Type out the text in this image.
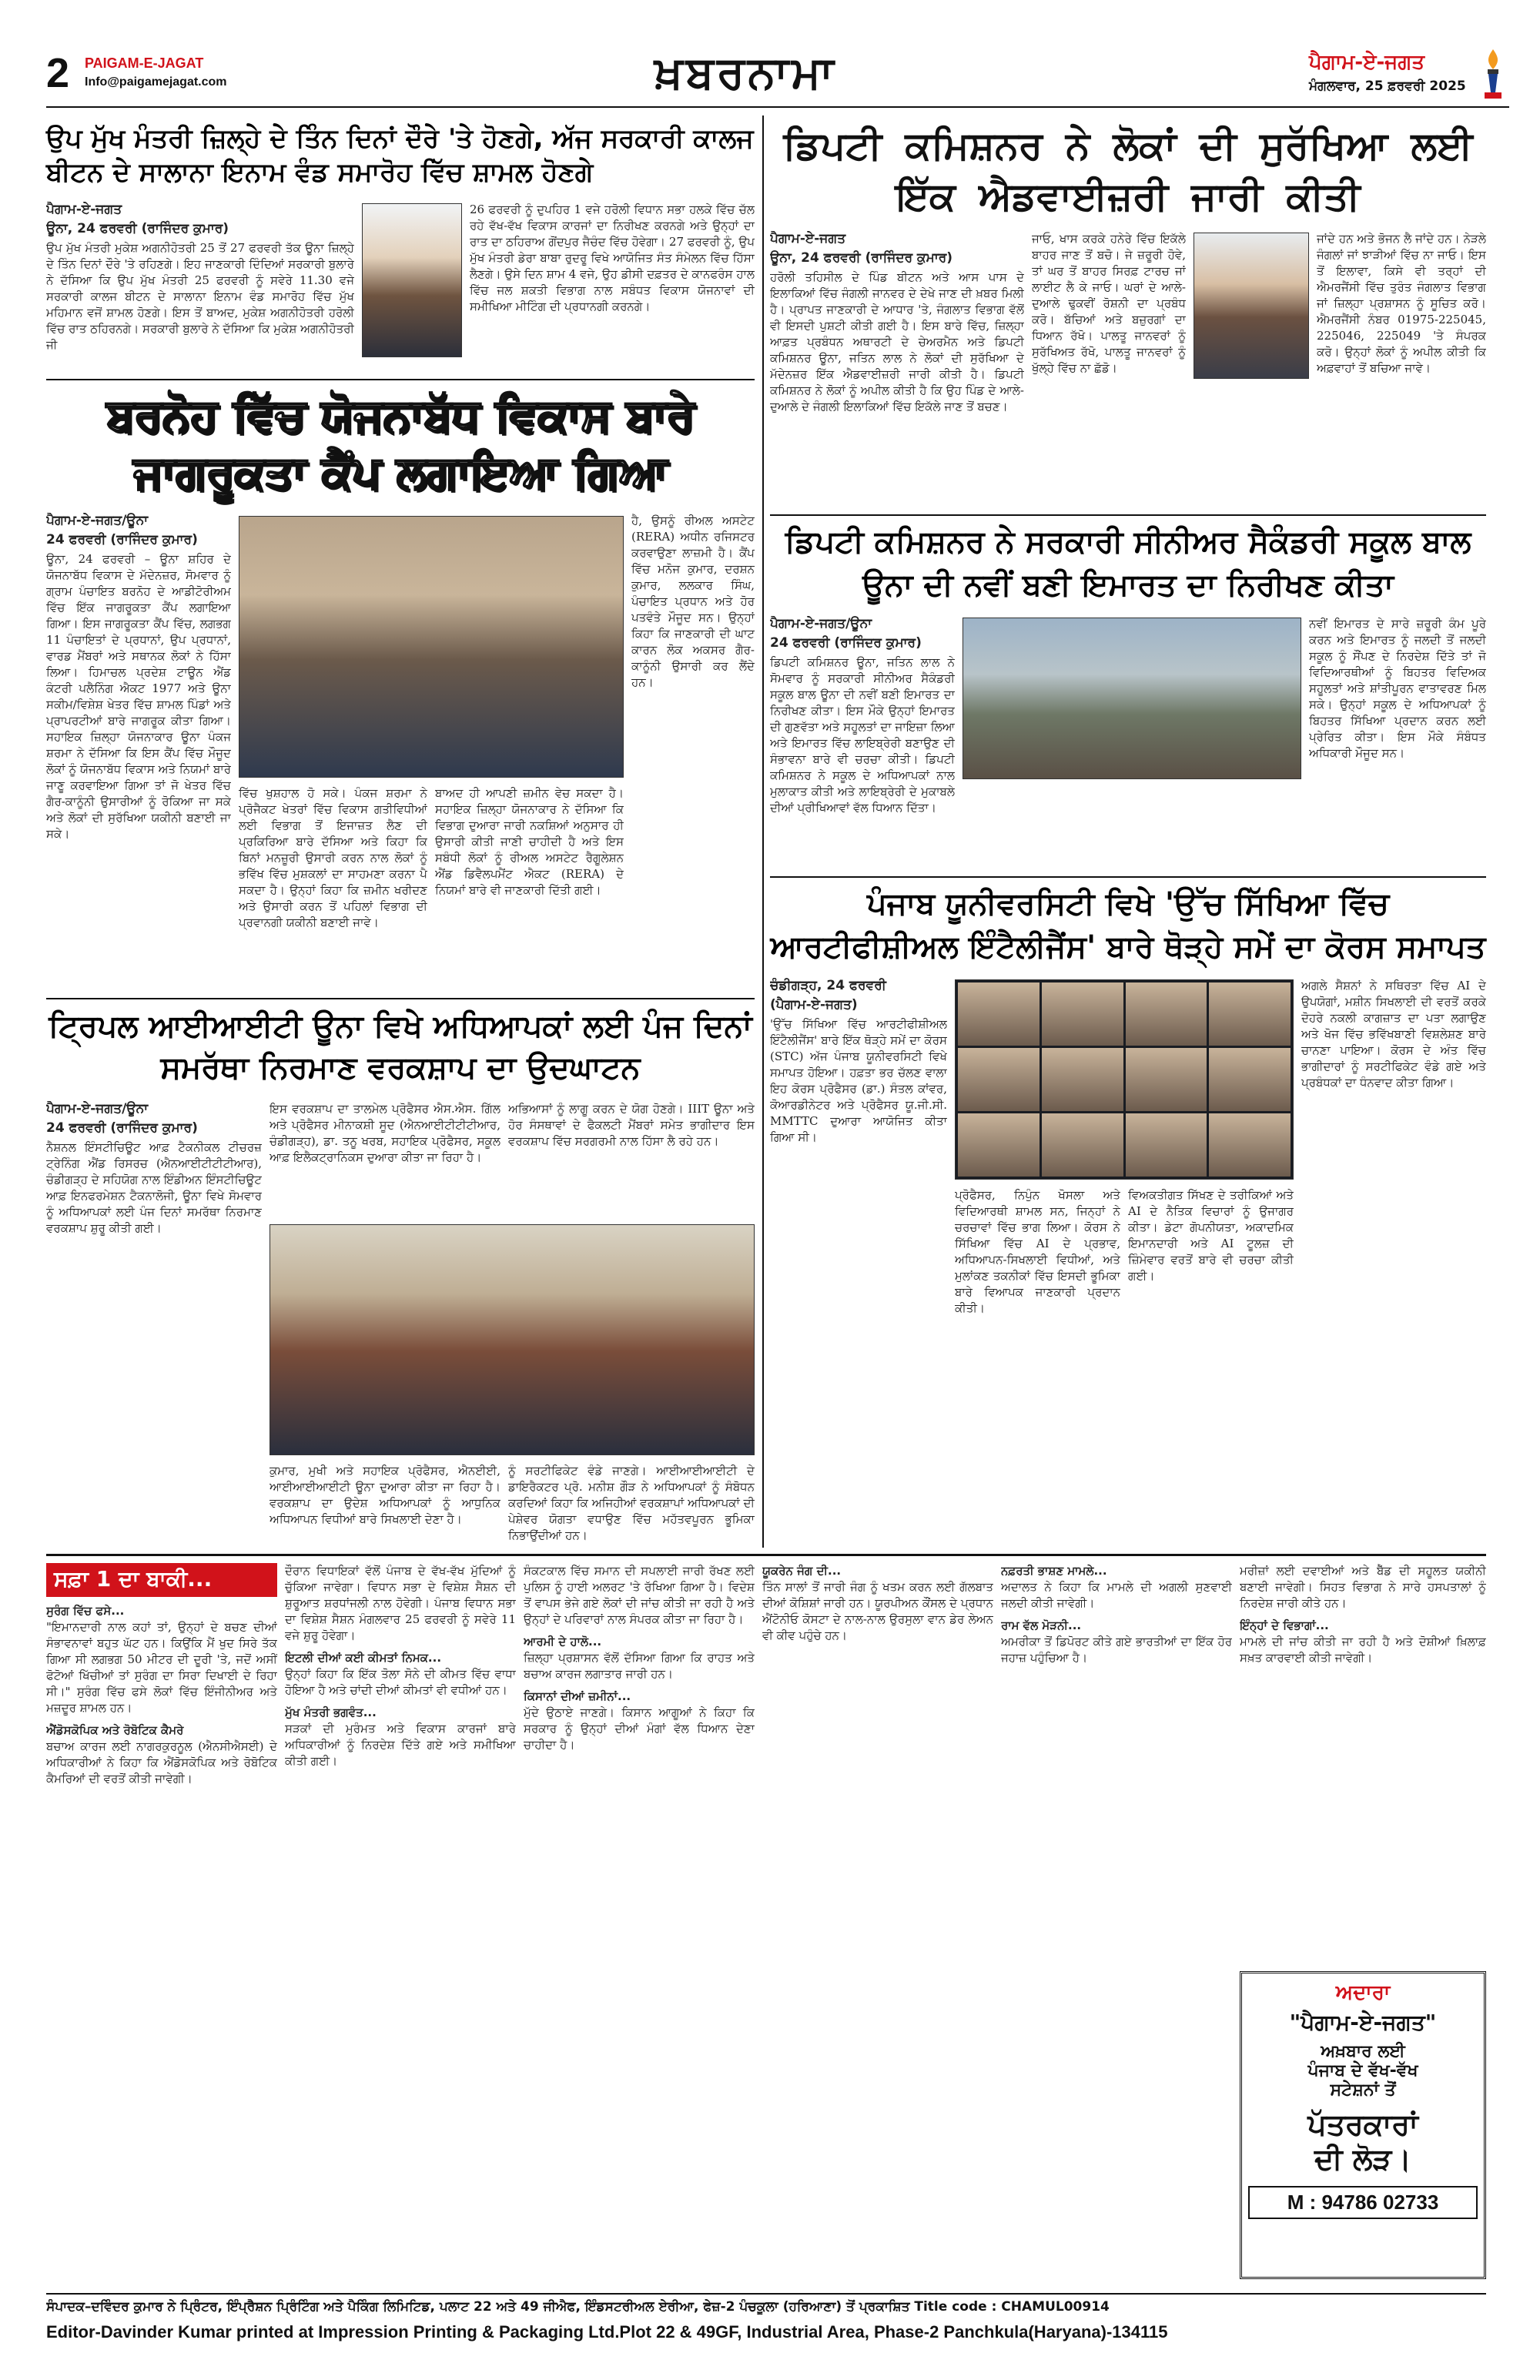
2 PAIGAM-E-JAGAT
Info@paigamejagat.com	ਖ਼ਬਰਨਾਮਾ	ਪੈਗਾਮ-ਏ-ਜਗਤ
ਮੰਗਲਵਾਰ, 25 ਫ਼ਰਵਰੀ 2025
ਉਪ ਮੁੱਖ ਮੰਤਰੀ ਜ਼ਿਲ੍ਹੇ ਦੇ ਤਿੰਨ ਦਿਨਾਂ ਦੌਰੇ 'ਤੇ ਹੋਣਗੇ, ਅੱਜ ਸਰਕਾਰੀ ਕਾਲਜ ਬੀਟਨ ਦੇ ਸਾਲਾਨਾ ਇਨਾਮ ਵੰਡ ਸਮਾਰੋਹ ਵਿੱਚ ਸ਼ਾਮਲ ਹੋਣਗੇ
ਪੈਗਾਮ-ਏ-ਜਗਤ
ਊਨਾ, 24 ਫਰਵਰੀ (ਰਾਜਿੰਦਰ ਕੁਮਾਰ)
ਉਪ ਮੁੱਖ ਮੰਤਰੀ ਮੁਕੇਸ਼ ਅਗਨੀਹੋਤਰੀ 25 ਤੋਂ 27 ਫਰਵਰੀ ਤੱਕ ਊਨਾ ਜ਼ਿਲ੍ਹੇ ਦੇ ਤਿੰਨ ਦਿਨਾਂ ਦੌਰੇ 'ਤੇ ਰਹਿਣਗੇ। ਇਹ ਜਾਣਕਾਰੀ ਦਿੰਦਿਆਂ ਸਰਕਾਰੀ ਬੁਲਾਰੇ ਨੇ ਦੱਸਿਆ ਕਿ ਉਪ ਮੁੱਖ ਮੰਤਰੀ 25 ਫਰਵਰੀ ਨੂੰ ਸਵੇਰੇ 11.30 ਵਜੇ ਸਰਕਾਰੀ ਕਾਲਜ ਬੀਟਨ ਦੇ ਸਾਲਾਨਾ ਇਨਾਮ ਵੰਡ ਸਮਾਰੋਹ ਵਿੱਚ ਮੁੱਖ ਮਹਿਮਾਨ ਵਜੋਂ ਸ਼ਾਮਲ ਹੋਣਗੇ। ਇਸ ਤੋਂ ਬਾਅਦ, ਮੁਕੇਸ਼ ਅਗਨੀਹੋਤਰੀ ਹਰੋਲੀ ਵਿੱਚ ਰਾਤ ਠਹਿਰਨਗੇ। ਸਰਕਾਰੀ ਬੁਲਾਰੇ ਨੇ ਦੱਸਿਆ ਕਿ ਮੁਕੇਸ਼ ਅਗਨੀਹੋਤਰੀ ਜੀ
26 ਫਰਵਰੀ ਨੂੰ ਦੁਪਹਿਰ 1 ਵਜੇ ਹਰੋਲੀ ਵਿਧਾਨ ਸਭਾ ਹਲਕੇ ਵਿੱਚ ਚੱਲ ਰਹੇ ਵੱਖ-ਵੱਖ ਵਿਕਾਸ ਕਾਰਜਾਂ ਦਾ ਨਿਰੀਖਣ ਕਰਨਗੇ ਅਤੇ ਉਨ੍ਹਾਂ ਦਾ ਰਾਤ ਦਾ ਠਹਿਰਾਅ ਗੋਂਦਪੁਰ ਜੈਚੰਦ ਵਿੱਚ ਹੋਵੇਗਾ। 27 ਫਰਵਰੀ ਨੂੰ, ਉਪ ਮੁੱਖ ਮੰਤਰੀ ਡੇਰਾ ਬਾਬਾ ਰੁਦਰੂ ਵਿਖੇ ਆਯੋਜਿਤ ਸੰਤ ਸੰਮੇਲਨ ਵਿੱਚ ਹਿੱਸਾ ਲੈਣਗੇ। ਉਸੇ ਦਿਨ ਸ਼ਾਮ 4 ਵਜੇ, ਉਹ ਡੀਸੀ ਦਫ਼ਤਰ ਦੇ ਕਾਨਫਰੰਸ ਹਾਲ ਵਿੱਚ ਜਲ ਸ਼ਕਤੀ ਵਿਭਾਗ ਨਾਲ ਸਬੰਧਤ ਵਿਕਾਸ ਯੋਜਨਾਵਾਂ ਦੀ ਸਮੀਖਿਆ ਮੀਟਿੰਗ ਦੀ ਪ੍ਰਧਾਨਗੀ ਕਰਨਗੇ।
ਬਰਨੋਹ ਵਿੱਚ ਯੋਜਨਾਬੱਧ ਵਿਕਾਸ ਬਾਰੇ ਜਾਗਰੂਕਤਾ ਕੈਂਪ ਲਗਾਇਆ ਗਿਆ
ਪੈਗਾਮ-ਏ-ਜਗਤ/ਊਨਾ
24 ਫਰਵਰੀ (ਰਾਜਿੰਦਰ ਕੁਮਾਰ)
ਊਨਾ, 24 ਫਰਵਰੀ – ਊਨਾ ਸ਼ਹਿਰ ਦੇ ਯੋਜਨਾਬੱਧ ਵਿਕਾਸ ਦੇ ਮੱਦੇਨਜ਼ਰ, ਸੋਮਵਾਰ ਨੂੰ ਗ੍ਰਾਮ ਪੰਚਾਇਤ ਬਰਨੋਹ ਦੇ ਆਡੀਟੋਰੀਅਮ ਵਿੱਚ ਇੱਕ ਜਾਗਰੂਕਤਾ ਕੈਂਪ ਲਗਾਇਆ ਗਿਆ। ਇਸ ਜਾਗਰੂਕਤਾ ਕੈਂਪ ਵਿੱਚ, ਲਗਭਗ 11 ਪੰਚਾਇਤਾਂ ਦੇ ਪ੍ਰਧਾਨਾਂ, ਉਪ ਪ੍ਰਧਾਨਾਂ, ਵਾਰਡ ਮੈਂਬਰਾਂ ਅਤੇ ਸਥਾਨਕ ਲੋਕਾਂ ਨੇ ਹਿੱਸਾ ਲਿਆ। ਹਿਮਾਚਲ ਪ੍ਰਦੇਸ਼ ਟਾਊਨ ਐਂਡ ਕੰਟਰੀ ਪਲੈਨਿੰਗ ਐਕਟ 1977 ਅਤੇ ਊਨਾ ਸਕੀਮ/ਵਿਸ਼ੇਸ਼ ਖੇਤਰ ਵਿੱਚ ਸ਼ਾਮਲ ਪਿੰਡਾਂ ਅਤੇ ਪ੍ਰਾਪਰਟੀਆਂ ਬਾਰੇ ਜਾਗਰੂਕ ਕੀਤਾ ਗਿਆ। ਸਹਾਇਕ ਜ਼ਿਲ੍ਹਾ ਯੋਜਨਾਕਾਰ ਊਨਾ ਪੰਕਜ ਸ਼ਰਮਾ ਨੇ ਦੱਸਿਆ ਕਿ ਇਸ ਕੈਂਪ ਵਿੱਚ ਮੌਜੂਦ ਲੋਕਾਂ ਨੂੰ ਯੋਜਨਾਬੱਧ ਵਿਕਾਸ ਅਤੇ ਨਿਯਮਾਂ ਬਾਰੇ ਜਾਣੂ ਕਰਵਾਇਆ ਗਿਆ ਤਾਂ ਜੋ ਖੇਤਰ ਵਿੱਚ ਗੈਰ-ਕਾਨੂੰਨੀ ਉਸਾਰੀਆਂ ਨੂੰ ਰੋਕਿਆ ਜਾ ਸਕੇ ਅਤੇ ਲੋਕਾਂ ਦੀ ਸੁਰੱਖਿਆ ਯਕੀਨੀ ਬਣਾਈ ਜਾ ਸਕੇ।
ਵਿੱਚ ਖੁਸ਼ਹਾਲ ਹੋ ਸਕੇ। ਪੰਕਜ ਸ਼ਰਮਾ ਨੇ ਪ੍ਰੋਜੈਕਟ ਖੇਤਰਾਂ ਵਿੱਚ ਵਿਕਾਸ ਗਤੀਵਿਧੀਆਂ ਲਈ ਵਿਭਾਗ ਤੋਂ ਇਜਾਜ਼ਤ ਲੈਣ ਦੀ ਪ੍ਰਕਿਰਿਆ ਬਾਰੇ ਦੱਸਿਆ ਅਤੇ ਕਿਹਾ ਕਿ ਬਿਨਾਂ ਮਨਜ਼ੂਰੀ ਉਸਾਰੀ ਕਰਨ ਨਾਲ ਲੋਕਾਂ ਨੂੰ ਭਵਿੱਖ ਵਿੱਚ ਮੁਸ਼ਕਲਾਂ ਦਾ ਸਾਹਮਣਾ ਕਰਨਾ ਪੈ ਸਕਦਾ ਹੈ। ਉਨ੍ਹਾਂ ਕਿਹਾ ਕਿ ਜ਼ਮੀਨ ਖਰੀਦਣ ਅਤੇ ਉਸਾਰੀ ਕਰਨ ਤੋਂ ਪਹਿਲਾਂ ਵਿਭਾਗ ਦੀ ਪ੍ਰਵਾਨਗੀ ਯਕੀਨੀ ਬਣਾਈ ਜਾਵੇ।
ਬਾਅਦ ਹੀ ਆਪਣੀ ਜ਼ਮੀਨ ਵੇਚ ਸਕਦਾ ਹੈ। ਸਹਾਇਕ ਜ਼ਿਲ੍ਹਾ ਯੋਜਨਾਕਾਰ ਨੇ ਦੱਸਿਆ ਕਿ ਵਿਭਾਗ ਦੁਆਰਾ ਜਾਰੀ ਨਕਸ਼ਿਆਂ ਅਨੁਸਾਰ ਹੀ ਉਸਾਰੀ ਕੀਤੀ ਜਾਣੀ ਚਾਹੀਦੀ ਹੈ ਅਤੇ ਇਸ ਸਬੰਧੀ ਲੋਕਾਂ ਨੂੰ ਰੀਅਲ ਅਸਟੇਟ ਰੈਗੂਲੇਸ਼ਨ ਐਂਡ ਡਿਵੈਲਪਮੈਂਟ ਐਕਟ (RERA) ਦੇ ਨਿਯਮਾਂ ਬਾਰੇ ਵੀ ਜਾਣਕਾਰੀ ਦਿੱਤੀ ਗਈ।
ਹੈ, ਉਸਨੂੰ ਰੀਅਲ ਅਸਟੇਟ (RERA) ਅਧੀਨ ਰਜਿਸਟਰ ਕਰਵਾਉਣਾ ਲਾਜ਼ਮੀ ਹੈ। ਕੈਂਪ ਵਿੱਚ ਮਨੋਜ ਕੁਮਾਰ, ਦਰਸ਼ਨ ਕੁਮਾਰ, ਲਲਕਾਰ ਸਿੰਘ, ਪੰਚਾਇਤ ਪ੍ਰਧਾਨ ਅਤੇ ਹੋਰ ਪਤਵੰਤੇ ਮੌਜੂਦ ਸਨ। ਉਨ੍ਹਾਂ ਕਿਹਾ ਕਿ ਜਾਣਕਾਰੀ ਦੀ ਘਾਟ ਕਾਰਨ ਲੋਕ ਅਕਸਰ ਗੈਰ-ਕਾਨੂੰਨੀ ਉਸਾਰੀ ਕਰ ਲੈਂਦੇ ਹਨ।
ਟ੍ਰਿਪਲ ਆਈਆਈਟੀ ਊਨਾ ਵਿਖੇ ਅਧਿਆਪਕਾਂ ਲਈ ਪੰਜ ਦਿਨਾਂ ਸਮਰੱਥਾ ਨਿਰਮਾਣ ਵਰਕਸ਼ਾਪ ਦਾ ਉਦਘਾਟਨ
ਪੈਗਾਮ-ਏ-ਜਗਤ/ਊਨਾ
24 ਫਰਵਰੀ (ਰਾਜਿੰਦਰ ਕੁਮਾਰ)
ਨੈਸ਼ਨਲ ਇੰਸਟੀਚਿਊਟ ਆਫ਼ ਟੈਕਨੀਕਲ ਟੀਚਰਜ਼ ਟ੍ਰੇਨਿੰਗ ਐਂਡ ਰਿਸਰਚ (ਐਨਆਈਟੀਟੀਟੀਆਰ), ਚੰਡੀਗੜ੍ਹ ਦੇ ਸਹਿਯੋਗ ਨਾਲ ਇੰਡੀਅਨ ਇੰਸਟੀਚਿਊਟ ਆਫ਼ ਇਨਫਰਮੇਸ਼ਨ ਟੈਕਨਾਲੋਜੀ, ਊਨਾ ਵਿਖੇ ਸੋਮਵਾਰ ਨੂੰ ਅਧਿਆਪਕਾਂ ਲਈ ਪੰਜ ਦਿਨਾਂ ਸਮਰੱਥਾ ਨਿਰਮਾਣ ਵਰਕਸ਼ਾਪ ਸ਼ੁਰੂ ਕੀਤੀ ਗਈ।
ਇਸ ਵਰਕਸ਼ਾਪ ਦਾ ਤਾਲਮੇਲ ਪ੍ਰੋਫੈਸਰ ਐਸ.ਐਸ. ਗਿੱਲ ਅਤੇ ਪ੍ਰੋਫੈਸਰ ਮੀਨਾਕਸ਼ੀ ਸੂਦ (ਐਨਆਈਟੀਟੀਟੀਆਰ, ਚੰਡੀਗੜ੍ਹ), ਡਾ. ਤਨੂ ਖਰਬ, ਸਹਾਇਕ ਪ੍ਰੋਫੈਸਰ, ਸਕੂਲ ਆਫ਼ ਇਲੈਕਟ੍ਰਾਨਿਕਸ ਦੁਆਰਾ ਕੀਤਾ ਜਾ ਰਿਹਾ ਹੈ।
ਅਭਿਆਸਾਂ ਨੂੰ ਲਾਗੂ ਕਰਨ ਦੇ ਯੋਗ ਹੋਣਗੇ। IIIT ਊਨਾ ਅਤੇ ਹੋਰ ਸੰਸਥਾਵਾਂ ਦੇ ਫੈਕਲਟੀ ਮੈਂਬਰਾਂ ਸਮੇਤ ਭਾਗੀਦਾਰ ਇਸ ਵਰਕਸ਼ਾਪ ਵਿੱਚ ਸਰਗਰਮੀ ਨਾਲ ਹਿੱਸਾ ਲੈ ਰਹੇ ਹਨ।
ਕੁਮਾਰ, ਮੁਖੀ ਅਤੇ ਸਹਾਇਕ ਪ੍ਰੋਫੈਸਰ, ਐਨਈਈ, ਆਈਆਈਆਈਟੀ ਊਨਾ ਦੁਆਰਾ ਕੀਤਾ ਜਾ ਰਿਹਾ ਹੈ। ਵਰਕਸ਼ਾਪ ਦਾ ਉਦੇਸ਼ ਅਧਿਆਪਕਾਂ ਨੂੰ ਆਧੁਨਿਕ ਅਧਿਆਪਨ ਵਿਧੀਆਂ ਬਾਰੇ ਸਿਖਲਾਈ ਦੇਣਾ ਹੈ।
ਨੂੰ ਸਰਟੀਫਿਕੇਟ ਵੰਡੇ ਜਾਣਗੇ। ਆਈਆਈਆਈਟੀ ਦੇ ਡਾਇਰੈਕਟਰ ਪ੍ਰੋ. ਮਨੀਸ਼ ਗੌੜ ਨੇ ਅਧਿਆਪਕਾਂ ਨੂੰ ਸੰਬੋਧਨ ਕਰਦਿਆਂ ਕਿਹਾ ਕਿ ਅਜਿਹੀਆਂ ਵਰਕਸ਼ਾਪਾਂ ਅਧਿਆਪਕਾਂ ਦੀ ਪੇਸ਼ੇਵਰ ਯੋਗਤਾ ਵਧਾਉਣ ਵਿੱਚ ਮਹੱਤਵਪੂਰਨ ਭੂਮਿਕਾ ਨਿਭਾਉਂਦੀਆਂ ਹਨ।
ਡਿਪਟੀ ਕਮਿਸ਼ਨਰ ਨੇ ਲੋਕਾਂ ਦੀ ਸੁਰੱਖਿਆ ਲਈ ਇੱਕ ਐਡਵਾਈਜ਼ਰੀ ਜਾਰੀ ਕੀਤੀ
ਪੈਗਾਮ-ਏ-ਜਗਤ
ਊਨਾ, 24 ਫਰਵਰੀ (ਰਾਜਿੰਦਰ ਕੁਮਾਰ)
ਹਰੋਲੀ ਤਹਿਸੀਲ ਦੇ ਪਿੰਡ ਬੀਟਨ ਅਤੇ ਆਸ ਪਾਸ ਦੇ ਇਲਾਕਿਆਂ ਵਿੱਚ ਜੰਗਲੀ ਜਾਨਵਰ ਦੇ ਦੇਖੇ ਜਾਣ ਦੀ ਖ਼ਬਰ ਮਿਲੀ ਹੈ। ਪ੍ਰਾਪਤ ਜਾਣਕਾਰੀ ਦੇ ਆਧਾਰ 'ਤੇ, ਜੰਗਲਾਤ ਵਿਭਾਗ ਵੱਲੋਂ ਵੀ ਇਸਦੀ ਪੁਸ਼ਟੀ ਕੀਤੀ ਗਈ ਹੈ। ਇਸ ਬਾਰੇ ਵਿੱਚ, ਜ਼ਿਲ੍ਹਾ ਆਫ਼ਤ ਪ੍ਰਬੰਧਨ ਅਥਾਰਟੀ ਦੇ ਚੇਅਰਮੈਨ ਅਤੇ ਡਿਪਟੀ ਕਮਿਸ਼ਨਰ ਊਨਾ, ਜਤਿਨ ਲਾਲ ਨੇ ਲੋਕਾਂ ਦੀ ਸੁਰੱਖਿਆ ਦੇ ਮੱਦੇਨਜ਼ਰ ਇੱਕ ਐਡਵਾਈਜ਼ਰੀ ਜਾਰੀ ਕੀਤੀ ਹੈ। ਡਿਪਟੀ ਕਮਿਸ਼ਨਰ ਨੇ ਲੋਕਾਂ ਨੂੰ ਅਪੀਲ ਕੀਤੀ ਹੈ ਕਿ ਉਹ ਪਿੰਡ ਦੇ ਆਲੇ-ਦੁਆਲੇ ਦੇ ਜੰਗਲੀ ਇਲਾਕਿਆਂ ਵਿੱਚ ਇਕੱਲੇ ਜਾਣ ਤੋਂ ਬਚਣ।
ਜਾਓ, ਖਾਸ ਕਰਕੇ ਹਨੇਰੇ ਵਿੱਚ ਇਕੱਲੇ ਬਾਹਰ ਜਾਣ ਤੋਂ ਬਚੋ। ਜੇ ਜ਼ਰੂਰੀ ਹੋਵੇ, ਤਾਂ ਘਰ ਤੋਂ ਬਾਹਰ ਸਿਰਫ਼ ਟਾਰਚ ਜਾਂ ਲਾਈਟ ਲੈ ਕੇ ਜਾਓ। ਘਰਾਂ ਦੇ ਆਲੇ-ਦੁਆਲੇ ਢੁਕਵੀਂ ਰੋਸ਼ਨੀ ਦਾ ਪ੍ਰਬੰਧ ਕਰੋ। ਬੱਚਿਆਂ ਅਤੇ ਬਜ਼ੁਰਗਾਂ ਦਾ ਧਿਆਨ ਰੱਖੋ। ਪਾਲਤੂ ਜਾਨਵਰਾਂ ਨੂੰ ਸੁਰੱਖਿਅਤ ਰੱਖੋ, ਪਾਲਤੂ ਜਾਨਵਰਾਂ ਨੂੰ ਖੁੱਲ੍ਹੇ ਵਿੱਚ ਨਾ ਛੱਡੋ।
ਜਾਂਦੇ ਹਨ ਅਤੇ ਭੋਜਨ ਲੈ ਜਾਂਦੇ ਹਨ। ਨੇੜਲੇ ਜੰਗਲਾਂ ਜਾਂ ਝਾੜੀਆਂ ਵਿੱਚ ਨਾ ਜਾਓ। ਇਸ ਤੋਂ ਇਲਾਵਾ, ਕਿਸੇ ਵੀ ਤਰ੍ਹਾਂ ਦੀ ਐਮਰਜੈਂਸੀ ਵਿੱਚ ਤੁਰੰਤ ਜੰਗਲਾਤ ਵਿਭਾਗ ਜਾਂ ਜ਼ਿਲ੍ਹਾ ਪ੍ਰਸ਼ਾਸਨ ਨੂੰ ਸੂਚਿਤ ਕਰੋ। ਐਮਰਜੈਂਸੀ ਨੰਬਰ 01975-225045, 225046, 225049 'ਤੇ ਸੰਪਰਕ ਕਰੋ। ਉਨ੍ਹਾਂ ਲੋਕਾਂ ਨੂੰ ਅਪੀਲ ਕੀਤੀ ਕਿ ਅਫ਼ਵਾਹਾਂ ਤੋਂ ਬਚਿਆ ਜਾਵੇ।
ਡਿਪਟੀ ਕਮਿਸ਼ਨਰ ਨੇ ਸਰਕਾਰੀ ਸੀਨੀਅਰ ਸੈਕੰਡਰੀ ਸਕੂਲ ਬਾਲ ਊਨਾ ਦੀ ਨਵੀਂ ਬਣੀ ਇਮਾਰਤ ਦਾ ਨਿਰੀਖਣ ਕੀਤਾ
ਪੈਗਾਮ-ਏ-ਜਗਤ/ਊਨਾ
24 ਫਰਵਰੀ (ਰਾਜਿੰਦਰ ਕੁਮਾਰ)
ਡਿਪਟੀ ਕਮਿਸ਼ਨਰ ਊਨਾ, ਜਤਿਨ ਲਾਲ ਨੇ ਸੋਮਵਾਰ ਨੂੰ ਸਰਕਾਰੀ ਸੀਨੀਅਰ ਸੈਕੰਡਰੀ ਸਕੂਲ ਬਾਲ ਊਨਾ ਦੀ ਨਵੀਂ ਬਣੀ ਇਮਾਰਤ ਦਾ ਨਿਰੀਖਣ ਕੀਤਾ। ਇਸ ਮੌਕੇ ਉਨ੍ਹਾਂ ਇਮਾਰਤ ਦੀ ਗੁਣਵੱਤਾ ਅਤੇ ਸਹੂਲਤਾਂ ਦਾ ਜਾਇਜ਼ਾ ਲਿਆ ਅਤੇ ਇਮਾਰਤ ਵਿੱਚ ਲਾਇਬ੍ਰੇਰੀ ਬਣਾਉਣ ਦੀ ਸੰਭਾਵਨਾ ਬਾਰੇ ਵੀ ਚਰਚਾ ਕੀਤੀ। ਡਿਪਟੀ ਕਮਿਸ਼ਨਰ ਨੇ ਸਕੂਲ ਦੇ ਅਧਿਆਪਕਾਂ ਨਾਲ ਮੁਲਾਕਾਤ ਕੀਤੀ ਅਤੇ ਲਾਇਬ੍ਰੇਰੀ ਦੇ ਮੁਕਾਬਲੇ ਦੀਆਂ ਪ੍ਰੀਖਿਆਵਾਂ ਵੱਲ ਧਿਆਨ ਦਿੱਤਾ।
ਨਵੀਂ ਇਮਾਰਤ ਦੇ ਸਾਰੇ ਜ਼ਰੂਰੀ ਕੰਮ ਪੂਰੇ ਕਰਨ ਅਤੇ ਇਮਾਰਤ ਨੂੰ ਜਲਦੀ ਤੋਂ ਜਲਦੀ ਸਕੂਲ ਨੂੰ ਸੌਂਪਣ ਦੇ ਨਿਰਦੇਸ਼ ਦਿੱਤੇ ਤਾਂ ਜੋ ਵਿਦਿਆਰਥੀਆਂ ਨੂੰ ਬਿਹਤਰ ਵਿਦਿਅਕ ਸਹੂਲਤਾਂ ਅਤੇ ਸ਼ਾਂਤੀਪੂਰਨ ਵਾਤਾਵਰਣ ਮਿਲ ਸਕੇ। ਉਨ੍ਹਾਂ ਸਕੂਲ ਦੇ ਅਧਿਆਪਕਾਂ ਨੂੰ ਬਿਹਤਰ ਸਿੱਖਿਆ ਪ੍ਰਦਾਨ ਕਰਨ ਲਈ ਪ੍ਰੇਰਿਤ ਕੀਤਾ। ਇਸ ਮੌਕੇ ਸੰਬੰਧਤ ਅਧਿਕਾਰੀ ਮੌਜੂਦ ਸਨ।
ਪੰਜਾਬ ਯੂਨੀਵਰਸਿਟੀ ਵਿਖੇ 'ਉੱਚ ਸਿੱਖਿਆ ਵਿੱਚ ਆਰਟੀਫੀਸ਼ੀਅਲ ਇੰਟੈਲੀਜੈਂਸ' ਬਾਰੇ ਥੋੜ੍ਹੇ ਸਮੇਂ ਦਾ ਕੋਰਸ ਸਮਾਪਤ
ਚੰਡੀਗੜ੍ਹ, 24 ਫਰਵਰੀ
(ਪੈਗਾਮ-ਏ-ਜਗਤ)
'ਉੱਚ ਸਿੱਖਿਆ ਵਿੱਚ ਆਰਟੀਫੀਸ਼ੀਅਲ ਇੰਟੈਲੀਜੈਂਸ' ਬਾਰੇ ਇੱਕ ਥੋੜ੍ਹੇ ਸਮੇਂ ਦਾ ਕੋਰਸ (STC) ਅੱਜ ਪੰਜਾਬ ਯੂਨੀਵਰਸਿਟੀ ਵਿਖੇ ਸਮਾਪਤ ਹੋਇਆ। ਹਫ਼ਤਾ ਭਰ ਚੱਲਣ ਵਾਲਾ ਇਹ ਕੋਰਸ ਪ੍ਰੋਫੈਸਰ (ਡਾ.) ਸੰਤਲ ਕਾਂਵਰ, ਕੋਆਰਡੀਨੇਟਰ ਅਤੇ ਪ੍ਰੋਫੈਸਰ ਯੂ.ਜੀ.ਸੀ. MMTTC ਦੁਆਰਾ ਆਯੋਜਿਤ ਕੀਤਾ ਗਿਆ ਸੀ।
ਪ੍ਰੋਫੈਸਰ, ਨਿਪੁੰਨ ਖੋਸਲਾ ਅਤੇ ਵਿਦਿਆਰਥੀ ਸ਼ਾਮਲ ਸਨ, ਜਿਨ੍ਹਾਂ ਨੇ ਚਰਚਾਵਾਂ ਵਿੱਚ ਭਾਗ ਲਿਆ। ਕੋਰਸ ਨੇ ਸਿੱਖਿਆ ਵਿੱਚ AI ਦੇ ਪ੍ਰਭਾਵ, ਅਧਿਆਪਨ-ਸਿਖਲਾਈ ਵਿਧੀਆਂ, ਅਤੇ ਮੁਲਾਂਕਣ ਤਕਨੀਕਾਂ ਵਿੱਚ ਇਸਦੀ ਭੂਮਿਕਾ ਬਾਰੇ ਵਿਆਪਕ ਜਾਣਕਾਰੀ ਪ੍ਰਦਾਨ ਕੀਤੀ।
ਵਿਅਕਤੀਗਤ ਸਿੱਖਣ ਦੇ ਤਰੀਕਿਆਂ ਅਤੇ AI ਦੇ ਨੈਤਿਕ ਵਿਚਾਰਾਂ ਨੂੰ ਉਜਾਗਰ ਕੀਤਾ। ਡੇਟਾ ਗੋਪਨੀਯਤਾ, ਅਕਾਦਮਿਕ ਇਮਾਨਦਾਰੀ ਅਤੇ AI ਟੂਲਜ਼ ਦੀ ਜ਼ਿੰਮੇਵਾਰ ਵਰਤੋਂ ਬਾਰੇ ਵੀ ਚਰਚਾ ਕੀਤੀ ਗਈ।
ਅਗਲੇ ਸੈਸ਼ਨਾਂ ਨੇ ਸਥਿਰਤਾ ਵਿੱਚ AI ਦੇ ਉਪਯੋਗਾਂ, ਮਸ਼ੀਨ ਸਿਖਲਾਈ ਦੀ ਵਰਤੋਂ ਕਰਕੇ ਦੋਹਰੇ ਨਕਲੀ ਕਾਗਜ਼ਾਤ ਦਾ ਪਤਾ ਲਗਾਉਣ ਅਤੇ ਖੋਜ ਵਿੱਚ ਭਵਿੱਖਬਾਣੀ ਵਿਸ਼ਲੇਸ਼ਣ ਬਾਰੇ ਚਾਨਣਾ ਪਾਇਆ। ਕੋਰਸ ਦੇ ਅੰਤ ਵਿੱਚ ਭਾਗੀਦਾਰਾਂ ਨੂੰ ਸਰਟੀਫਿਕੇਟ ਵੰਡੇ ਗਏ ਅਤੇ ਪ੍ਰਬੰਧਕਾਂ ਦਾ ਧੰਨਵਾਦ ਕੀਤਾ ਗਿਆ।
ਸਫ਼ਾ 1 ਦਾ ਬਾਕੀ...
ਸੁਰੰਗ ਵਿੱਚ ਫਸੇ...
"ਇਮਾਨਦਾਰੀ ਨਾਲ ਕਹਾਂ ਤਾਂ, ਉਨ੍ਹਾਂ ਦੇ ਬਚਣ ਦੀਆਂ ਸੰਭਾਵਨਾਵਾਂ ਬਹੁਤ ਘੱਟ ਹਨ। ਕਿਉਂਕਿ ਮੈਂ ਖੁਦ ਸਿਰੇ ਤੱਕ ਗਿਆ ਸੀ ਲਗਭਗ 50 ਮੀਟਰ ਦੀ ਦੂਰੀ 'ਤੇ, ਜਦੋਂ ਅਸੀਂ ਫੋਟੋਆਂ ਖਿੱਚੀਆਂ ਤਾਂ ਸੁਰੰਗ ਦਾ ਸਿਰਾ ਦਿਖਾਈ ਦੇ ਰਿਹਾ ਸੀ।" ਸੁਰੰਗ ਵਿੱਚ ਫਸੇ ਲੋਕਾਂ ਵਿੱਚ ਇੰਜੀਨੀਅਰ ਅਤੇ ਮਜ਼ਦੂਰ ਸ਼ਾਮਲ ਹਨ।
ਐਂਡੋਸਕੋਪਿਕ ਅਤੇ ਰੋਬੋਟਿਕ ਕੈਮਰੇ
ਬਚਾਅ ਕਾਰਜ ਲਈ ਨਾਗਰਕੁਰਨੂਲ (ਐਨਸੀਐਸਈ) ਦੇ ਅਧਿਕਾਰੀਆਂ ਨੇ ਕਿਹਾ ਕਿ ਐਂਡੋਸਕੋਪਿਕ ਅਤੇ ਰੋਬੋਟਿਕ ਕੈਮਰਿਆਂ ਦੀ ਵਰਤੋਂ ਕੀਤੀ ਜਾਵੇਗੀ।
ਦੌਰਾਨ ਵਿਧਾਇਕਾਂ ਵੱਲੋਂ ਪੰਜਾਬ ਦੇ ਵੱਖ-ਵੱਖ ਮੁੱਦਿਆਂ ਨੂੰ ਚੁੱਕਿਆ ਜਾਵੇਗਾ। ਵਿਧਾਨ ਸਭਾ ਦੇ ਵਿਸ਼ੇਸ਼ ਸੈਸ਼ਨ ਦੀ ਸ਼ੁਰੂਆਤ ਸ਼ਰਧਾਂਜਲੀ ਨਾਲ ਹੋਵੇਗੀ। ਪੰਜਾਬ ਵਿਧਾਨ ਸਭਾ ਦਾ ਵਿਸ਼ੇਸ਼ ਸੈਸ਼ਨ ਮੰਗਲਵਾਰ 25 ਫਰਵਰੀ ਨੂੰ ਸਵੇਰੇ 11 ਵਜੇ ਸ਼ੁਰੂ ਹੋਵੇਗਾ।
ਇਟਲੀ ਦੀਆਂ ਕਈ ਕੀਮਤਾਂ ਨਿਮਕ...
ਉਨ੍ਹਾਂ ਕਿਹਾ ਕਿ ਇੱਕ ਤੋਲਾ ਸੋਨੇ ਦੀ ਕੀਮਤ ਵਿੱਚ ਵਾਧਾ ਹੋਇਆ ਹੈ ਅਤੇ ਚਾਂਦੀ ਦੀਆਂ ਕੀਮਤਾਂ ਵੀ ਵਧੀਆਂ ਹਨ।
ਮੁੱਖ ਮੰਤਰੀ ਭਗਵੰਤ...
ਸੜਕਾਂ ਦੀ ਮੁਰੰਮਤ ਅਤੇ ਵਿਕਾਸ ਕਾਰਜਾਂ ਬਾਰੇ ਅਧਿਕਾਰੀਆਂ ਨੂੰ ਨਿਰਦੇਸ਼ ਦਿੱਤੇ ਗਏ ਅਤੇ ਸਮੀਖਿਆ ਕੀਤੀ ਗਈ।
ਸੰਕਟਕਾਲ ਵਿੱਚ ਸਮਾਨ ਦੀ ਸਪਲਾਈ ਜਾਰੀ ਰੱਖਣ ਲਈ ਪੁਲਿਸ ਨੂੰ ਹਾਈ ਅਲਰਟ 'ਤੇ ਰੱਖਿਆ ਗਿਆ ਹੈ। ਵਿਦੇਸ਼ ਤੋਂ ਵਾਪਸ ਭੇਜੇ ਗਏ ਲੋਕਾਂ ਦੀ ਜਾਂਚ ਕੀਤੀ ਜਾ ਰਹੀ ਹੈ ਅਤੇ ਉਨ੍ਹਾਂ ਦੇ ਪਰਿਵਾਰਾਂ ਨਾਲ ਸੰਪਰਕ ਕੀਤਾ ਜਾ ਰਿਹਾ ਹੈ।
ਆਰਮੀ ਦੇ ਹਾਲੋ...
ਜ਼ਿਲ੍ਹਾ ਪ੍ਰਸ਼ਾਸਨ ਵੱਲੋਂ ਦੱਸਿਆ ਗਿਆ ਕਿ ਰਾਹਤ ਅਤੇ ਬਚਾਅ ਕਾਰਜ ਲਗਾਤਾਰ ਜਾਰੀ ਹਨ।
ਕਿਸਾਨਾਂ ਦੀਆਂ ਜ਼ਮੀਨਾਂ...
ਮੁੱਦੇ ਉਠਾਏ ਜਾਣਗੇ। ਕਿਸਾਨ ਆਗੂਆਂ ਨੇ ਕਿਹਾ ਕਿ ਸਰਕਾਰ ਨੂੰ ਉਨ੍ਹਾਂ ਦੀਆਂ ਮੰਗਾਂ ਵੱਲ ਧਿਆਨ ਦੇਣਾ ਚਾਹੀਦਾ ਹੈ।
ਯੂਕਰੇਨ ਜੰਗ ਦੀ...
ਤਿੰਨ ਸਾਲਾਂ ਤੋਂ ਜਾਰੀ ਜੰਗ ਨੂੰ ਖਤਮ ਕਰਨ ਲਈ ਗੱਲਬਾਤ ਦੀਆਂ ਕੋਸ਼ਿਸ਼ਾਂ ਜਾਰੀ ਹਨ। ਯੂਰਪੀਅਨ ਕੌਂਸਲ ਦੇ ਪ੍ਰਧਾਨ ਐਂਟੋਨੀਓ ਕੋਸਟਾ ਦੇ ਨਾਲ-ਨਾਲ ਉਰਸੁਲਾ ਵਾਨ ਡੇਰ ਲੇਅਨ ਵੀ ਕੀਵ ਪਹੁੰਚੇ ਹਨ।
ਨਫ਼ਰਤੀ ਭਾਸ਼ਣ ਮਾਮਲੇ...
ਅਦਾਲਤ ਨੇ ਕਿਹਾ ਕਿ ਮਾਮਲੇ ਦੀ ਅਗਲੀ ਸੁਣਵਾਈ ਜਲਦੀ ਕੀਤੀ ਜਾਵੇਗੀ।
ਰਾਮ ਵੱਲ ਮੋੜਨੀ...
ਅਮਰੀਕਾ ਤੋਂ ਡਿਪੋਰਟ ਕੀਤੇ ਗਏ ਭਾਰਤੀਆਂ ਦਾ ਇੱਕ ਹੋਰ ਜਹਾਜ਼ ਪਹੁੰਚਿਆ ਹੈ।
ਮਰੀਜ਼ਾਂ ਲਈ ਦਵਾਈਆਂ ਅਤੇ ਬੈੱਡ ਦੀ ਸਹੂਲਤ ਯਕੀਨੀ ਬਣਾਈ ਜਾਵੇਗੀ। ਸਿਹਤ ਵਿਭਾਗ ਨੇ ਸਾਰੇ ਹਸਪਤਾਲਾਂ ਨੂੰ ਨਿਰਦੇਸ਼ ਜਾਰੀ ਕੀਤੇ ਹਨ।
ਇੰਨ੍ਹਾਂ ਦੇ ਵਿਭਾਗਾਂ...
ਮਾਮਲੇ ਦੀ ਜਾਂਚ ਕੀਤੀ ਜਾ ਰਹੀ ਹੈ ਅਤੇ ਦੋਸ਼ੀਆਂ ਖ਼ਿਲਾਫ਼ ਸਖ਼ਤ ਕਾਰਵਾਈ ਕੀਤੀ ਜਾਵੇਗੀ।
ਅਦਾਰਾ
"ਪੈਗਾਮ-ਏ-ਜਗਤ"
ਅਖ਼ਬਾਰ ਲਈ
ਪੰਜਾਬ ਦੇ ਵੱਖ-ਵੱਖ
ਸਟੇਸ਼ਨਾਂ ਤੋਂ
ਪੱਤਰਕਾਰਾਂ
ਦੀ ਲੋੜ।
M : 94786 02733
ਸੰਪਾਦਕ–ਦਵਿੰਦਰ ਕੁਮਾਰ ਨੇ ਪ੍ਰਿੰਟਰ, ਇੰਪ੍ਰੈਸ਼ਨ ਪ੍ਰਿੰਟਿੰਗ ਅਤੇ ਪੈਕਿੰਗ ਲਿਮਿਟਿਡ, ਪਲਾਟ 22 ਅਤੇ 49 ਜੀਐਫ, ਇੰਡਸਟਰੀਅਲ ਏਰੀਆ, ਫੇਜ਼-2 ਪੰਚਕੂਲਾ (ਹਰਿਆਣਾ) ਤੋਂ ਪ੍ਰਕਾਸ਼ਿਤ Title code : CHAMUL00914
Editor-Davinder Kumar printed at Impression Printing & Packaging Ltd.Plot 22 & 49GF, Industrial Area, Phase-2 Panchkula(Haryana)-134115
